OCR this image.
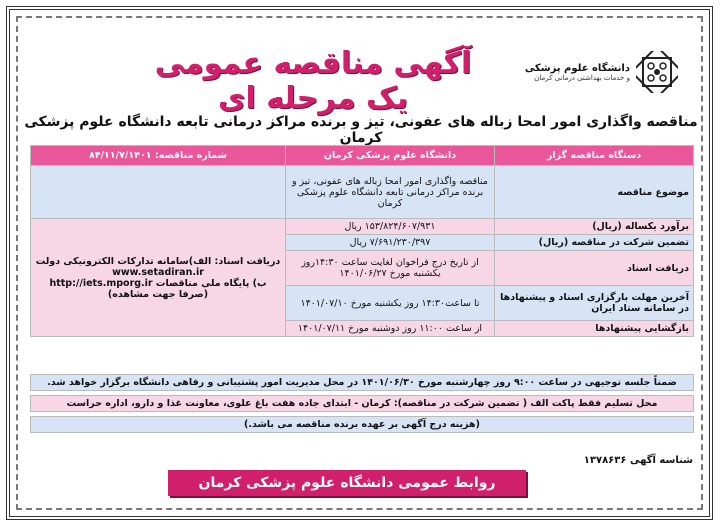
دانشگاه علوم پزشکی
و خدمات بهداشتی درمانی کرمان
آگهی مناقصه عمومی یک مرحله ای
مناقصه واگذاری امور امحا زباله های عفونی، تیز و برنده مراکز درمانی تابعه دانشگاه علوم پزشکی کرمان
دستگاه مناقصه گزار	دانشگاه علوم پزشکی کرمان	شماره مناقصه: ۸۴/۱۱/۷/۱۴۰۱
موضوع مناقصه	مناقصه واگذاری امور امحا زباله های عفونی، تیز و برنده مراکز درمانی تابعه دانشگاه علوم پزشکی کرمان	
برآورد یکساله (ریال)	۱۵۳/۸۲۴/۶۰۷/۹۳۱ ریال	دریافت اسناد: الف)سامانه تدارکات الکترونیکی دولت
www.setadiran.ir
ب) پایگاه ملی مناقصات http://iets.mporg.ir
(صرفا جهت مشاهده)

تضمین شرکت در مناقصه (ریال)	۷/۶۹۱/۲۳۰/۳۹۷ ریال	
دریافت اسناد	از تاریخ درج فراخوان لغایت ساعت ۱۴:۳۰روز یکشنبه مورخ ۱۴۰۱/۰۶/۲۷	
آخرین مهلت بارگزاری اسناد و پیشنهادها در سامانه ستاد ایران	تا ساعت۱۴:۳۰ روز یکشنبه مورخ ۱۴۰۱/۰۷/۱۰	
بازگشایی پیشنهادها	از ساعت ۱۱:۰۰ روز دوشنبه مورخ ۱۴۰۱/۰۷/۱۱	
ضمناً جلسه توجیهی در ساعت ۹:۰۰ روز چهارشنبه مورخ ۱۴۰۱/۰۶/۳۰ در محل مدیریت امور پشتیبانی و رفاهی دانشگاه برگزار خواهد شد.
محل تسلیم فقط پاکت الف ( تضمین شرکت در مناقصه): کرمان - ابتدای جاده هفت باغ علوی، معاونت غذا و دارو، اداره حراست
(هزینه درج آگهی بر عهده برنده مناقصه می باشد.)
شناسه آگهی ۱۳۷۸۶۳۶
روابط عمومی دانشگاه علوم پزشکی کرمان
